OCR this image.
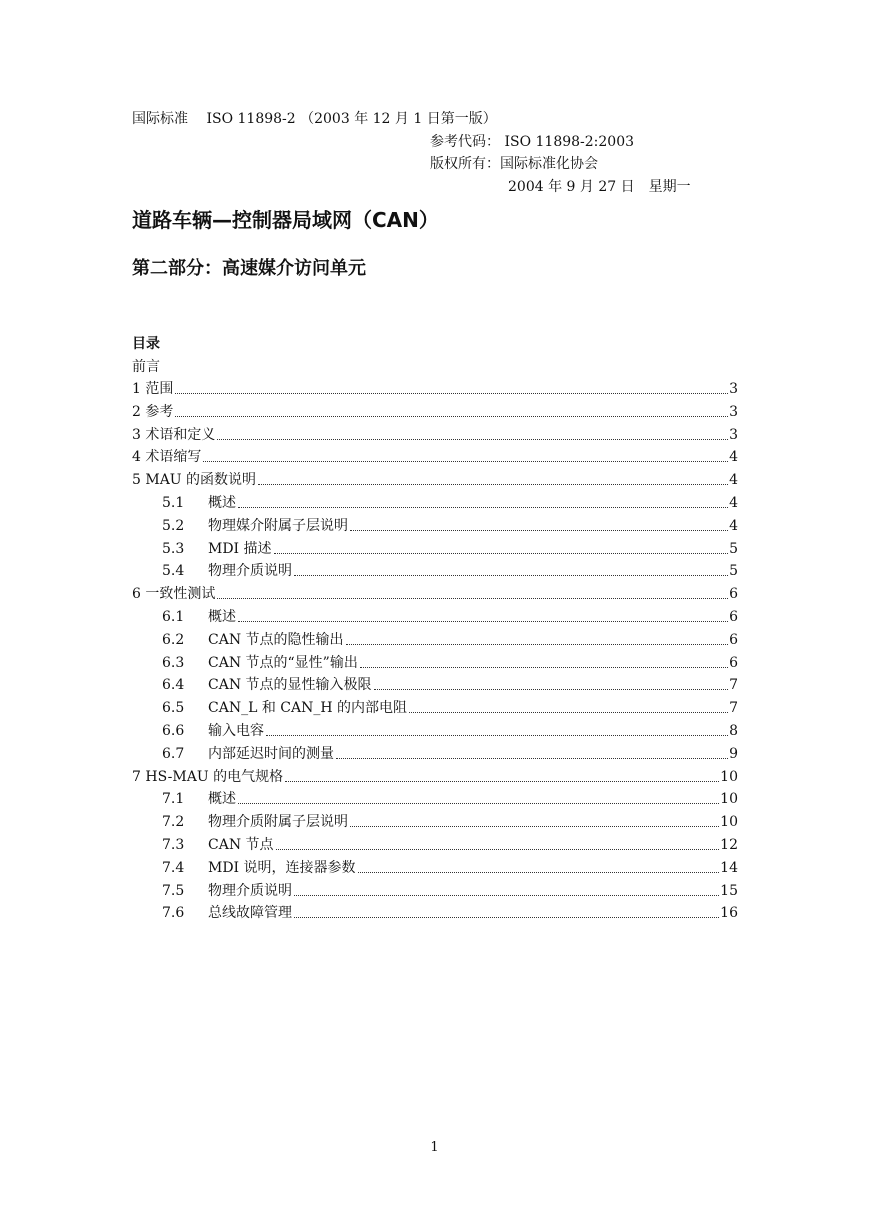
国际标准　 ISO 11898-2 （2003 年 12 月 1 日第一版）
参考代码： ISO 11898-2:2003
版权所有：国际标准化协会
2004 年 9 月 27 日　星期一
道路车辆—控制器局域网（CAN）
第二部分：高速媒介访问单元
目录
前言
1 范围	3
2 参考	3
3 术语和定义	3
4 术语缩写	4
5 MAU 的函数说明	4
5.1	概述	4
5.2	物理媒介附属子层说明	4
5.3	MDI 描述	5
5.4	物理介质说明	5
6 一致性测试	6
6.1	概述	6
6.2	CAN 节点的隐性输出	6
6.3	CAN 节点的“显性”输出	6
6.4	CAN 节点的显性输入极限	7
6.5	CAN_L 和 CAN_H 的内部电阻	7
6.6	输入电容	8
6.7	内部延迟时间的测量	9
7 HS-MAU 的电气规格	10
7.1	概述	10
7.2	物理介质附属子层说明	10
7.3	CAN 节点	12
7.4	MDI 说明，连接器参数	14
7.5	物理介质说明	15
7.6	总线故障管理	16
1
